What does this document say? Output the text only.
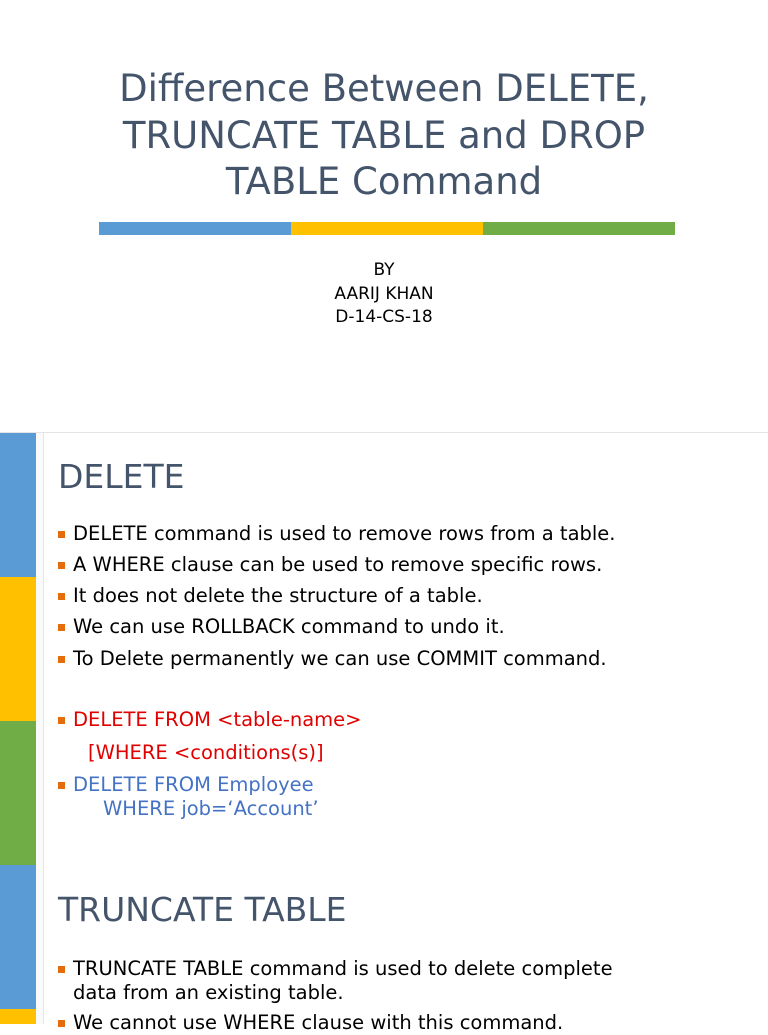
Difference Between DELETE,
TRUNCATE TABLE and DROP
TABLE Command
BY
AARIJ KHAN
D-14-CS-18
DELETE
DELETE command is used to remove rows from a table.
A WHERE clause can be used to remove specific rows.
It does not delete the structure of a table.
We can use ROLLBACK command to undo it.
To Delete permanently we can use COMMIT command.
DELETE FROM <table-name>
[WHERE <conditions(s)]
DELETE FROM Employee
WHERE job=‘Account’
TRUNCATE TABLE
TRUNCATE TABLE command is used to delete complete
data from an existing table.
We cannot use WHERE clause with this command.
